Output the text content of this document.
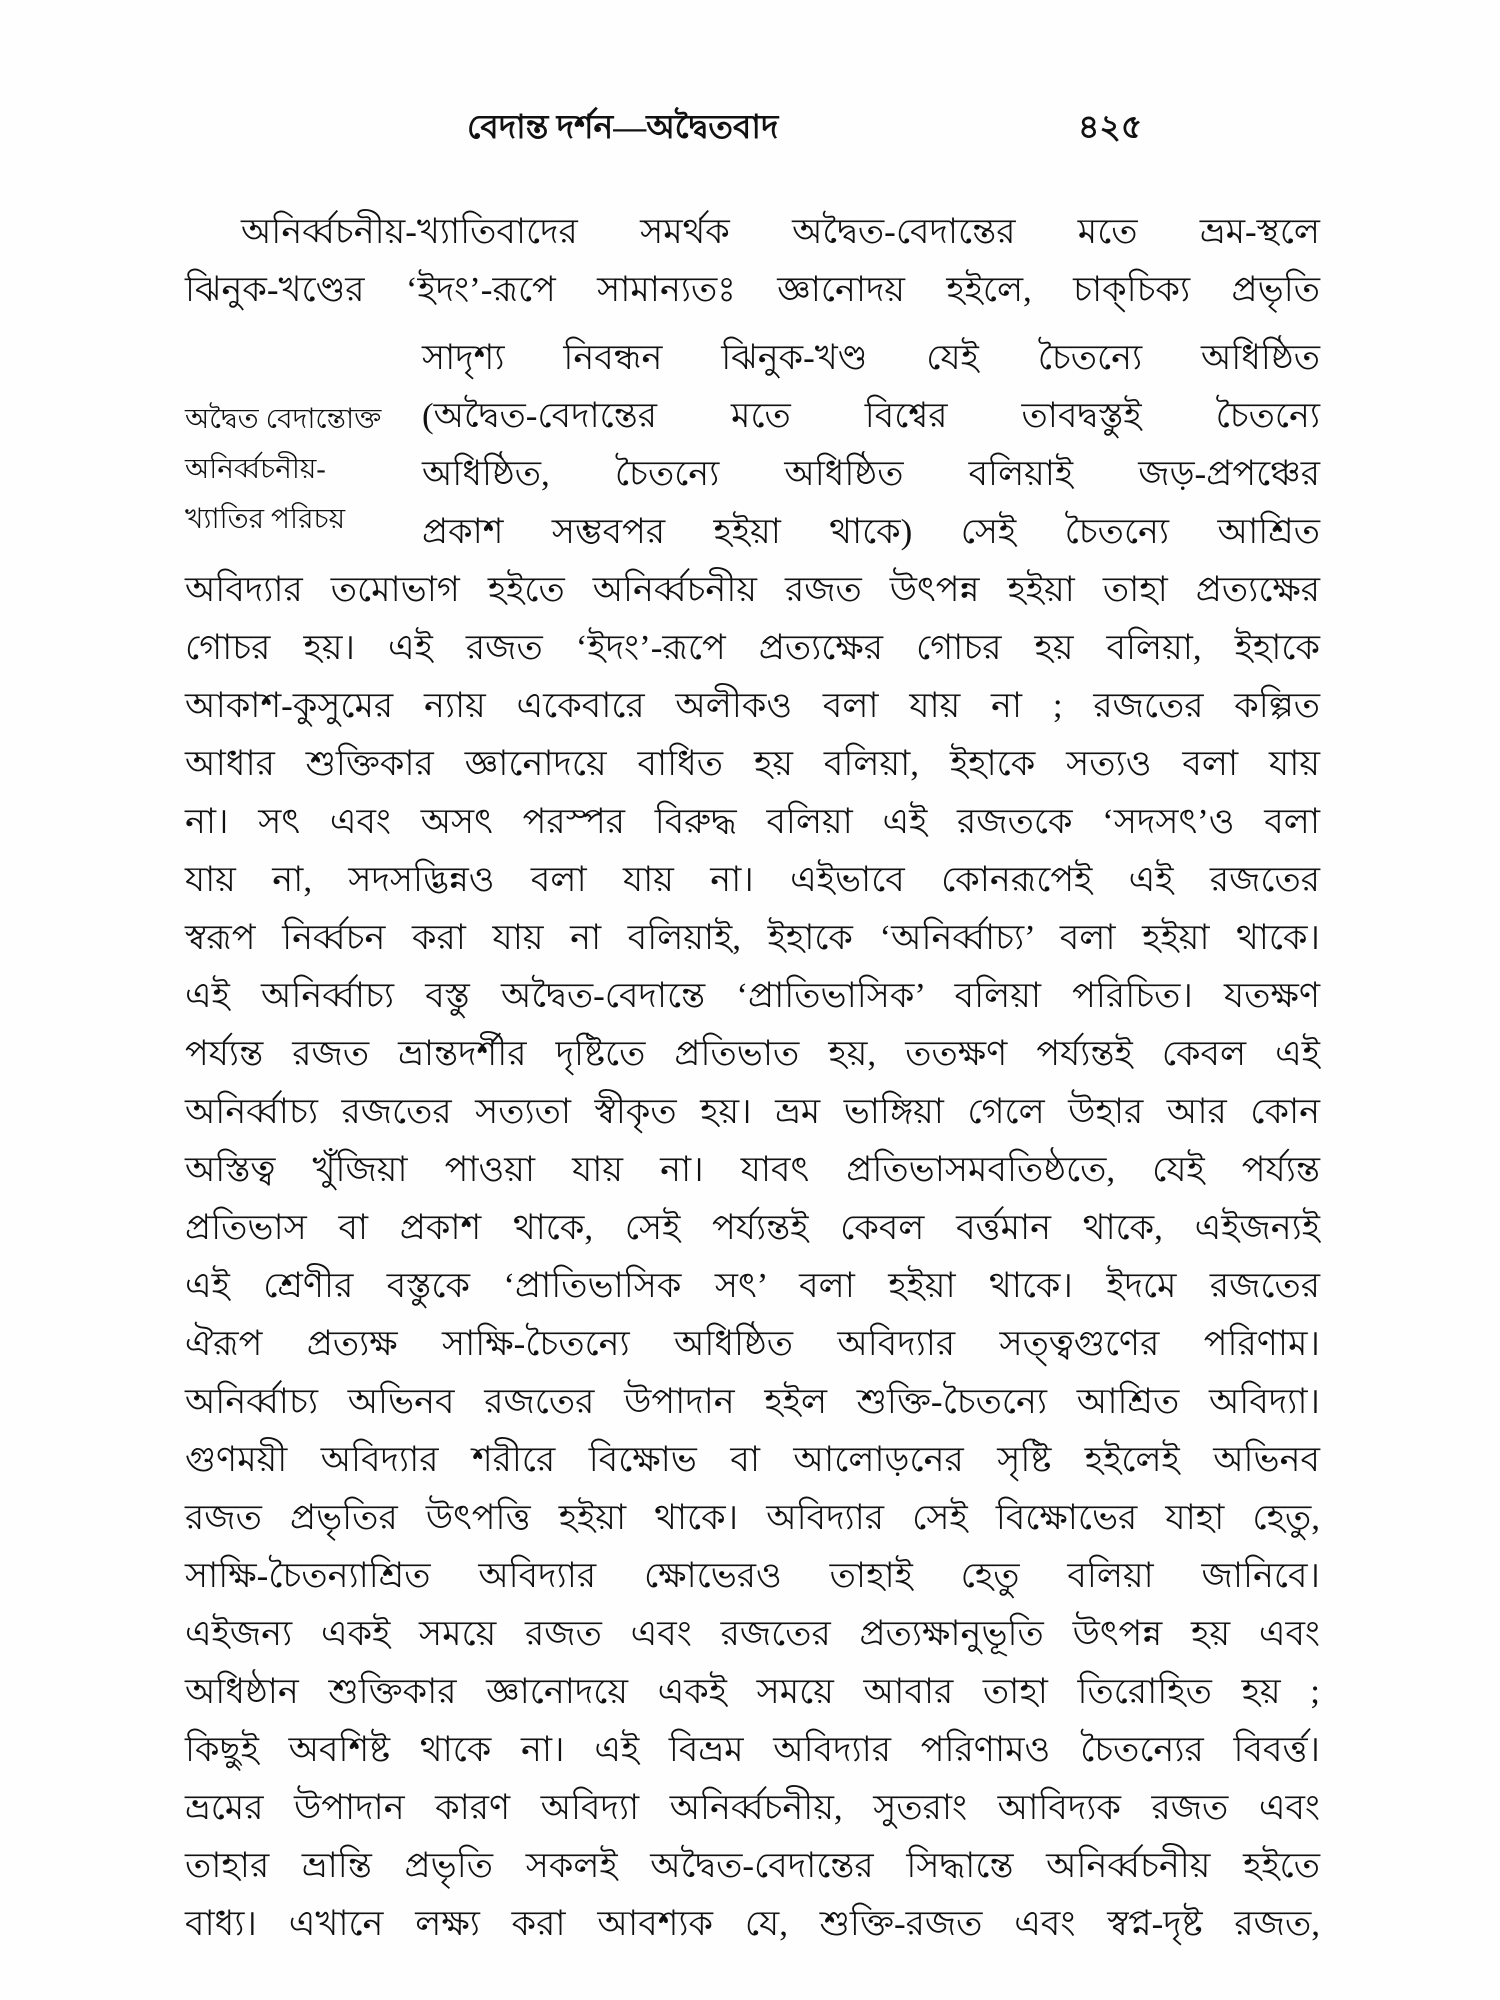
বেদান্ত দর্শন—অদ্বৈতবাদ	৪২৫
অনির্ব্বচনীয়-খ্যাতিবাদের সমর্থক অদ্বৈত-বেদান্তের মতে ভ্রম-স্থলে
ঝিনুক-খণ্ডের ‘ইদং’-রূপে সামান্যতঃ জ্ঞানোদয় হইলে, চাক্‌চিক্য প্রভৃতি
অদ্বৈত বেদান্তোক্ত
অনির্ব্বচনীয়-
খ্যাতির পরিচয়
সাদৃশ্য নিবন্ধন ঝিনুক-খণ্ড যেই চৈতন্যে অধিষ্ঠিত
(অদ্বৈত-বেদান্তের মতে বিশ্বের তাবদ্বস্তুই চৈতন্যে
অধিষ্ঠিত, চৈতন্যে অধিষ্ঠিত বলিয়াই জড়-প্রপঞ্চের
প্রকাশ সম্ভবপর হইয়া থাকে) সেই চৈতন্যে আশ্রিত
অবিদ্যার তমোভাগ হইতে অনির্ব্বচনীয় রজত উৎপন্ন হইয়া তাহা প্রত্যক্ষের
গোচর হয়। এই রজত ‘ইদং’-রূপে প্রত্যক্ষের গোচর হয় বলিয়া, ইহাকে
আকাশ-কুসুমের ন্যায় একেবারে অলীকও বলা যায় না ; রজতের কল্পিত
আধার শুক্তিকার জ্ঞানোদয়ে বাধিত হয় বলিয়া, ইহাকে সত্যও বলা যায়
না। সৎ এবং অসৎ পরস্পর বিরুদ্ধ বলিয়া এই রজতকে ‘সদসৎ’ও বলা
যায় না, সদসদ্ভিন্নও বলা যায় না। এইভাবে কোনরূপেই এই রজতের
স্বরূপ নির্ব্বচন করা যায় না বলিয়াই, ইহাকে ‘অনির্ব্বাচ্য’ বলা হইয়া থাকে।
এই অনির্ব্বাচ্য বস্তু অদ্বৈত-বেদান্তে ‘প্রাতিভাসিক’ বলিয়া পরিচিত। যতক্ষণ
পর্য্যন্ত রজত ভ্রান্তদর্শীর দৃষ্টিতে প্রতিভাত হয়, ততক্ষণ পর্য্যন্তই কেবল এই
অনির্ব্বাচ্য রজতের সত্যতা স্বীকৃত হয়। ভ্রম ভাঙ্গিয়া গেলে উহার আর কোন
অস্তিত্ব খুঁজিয়া পাওয়া যায় না। যাবৎ প্রতিভাসমবতিষ্ঠতে, যেই পর্য্যন্ত
প্রতিভাস বা প্রকাশ থাকে, সেই পর্য্যন্তই কেবল বর্ত্তমান থাকে, এইজন্যই
এই শ্রেণীর বস্তুকে ‘প্রাতিভাসিক সৎ’ বলা হইয়া থাকে। ইদমে রজতের
ঐরূপ প্রত্যক্ষ সাক্ষি-চৈতন্যে অধিষ্ঠিত অবিদ্যার সত্ত্বগুণের পরিণাম।
অনির্ব্বাচ্য অভিনব রজতের উপাদান হইল শুক্তি-চৈতন্যে আশ্রিত অবিদ্যা।
গুণময়ী অবিদ্যার শরীরে বিক্ষোভ বা আলোড়নের সৃষ্টি হইলেই অভিনব
রজত প্রভৃতির উৎপত্তি হইয়া থাকে। অবিদ্যার সেই বিক্ষোভের যাহা হেতু,
সাক্ষি-চৈতন্যাশ্রিত অবিদ্যার ক্ষোভেরও তাহাই হেতু বলিয়া জানিবে।
এইজন্য একই সময়ে রজত এবং রজতের প্রত্যক্ষানুভূতি উৎপন্ন হয় এবং
অধিষ্ঠান শুক্তিকার জ্ঞানোদয়ে একই সময়ে আবার তাহা তিরোহিত হয় ;
কিছুই অবশিষ্ট থাকে না। এই বিভ্রম অবিদ্যার পরিণামও চৈতন্যের বিবর্ত্ত।
ভ্রমের উপাদান কারণ অবিদ্যা অনির্ব্বচনীয়, সুতরাং আবিদ্যক রজত এবং
তাহার ভ্রান্তি প্রভৃতি সকলই অদ্বৈত-বেদান্তের সিদ্ধান্তে অনির্ব্বচনীয় হইতে
বাধ্য। এখানে লক্ষ্য করা আবশ্যক যে, শুক্তি-রজত এবং স্বপ্ন-দৃষ্ট রজত,
